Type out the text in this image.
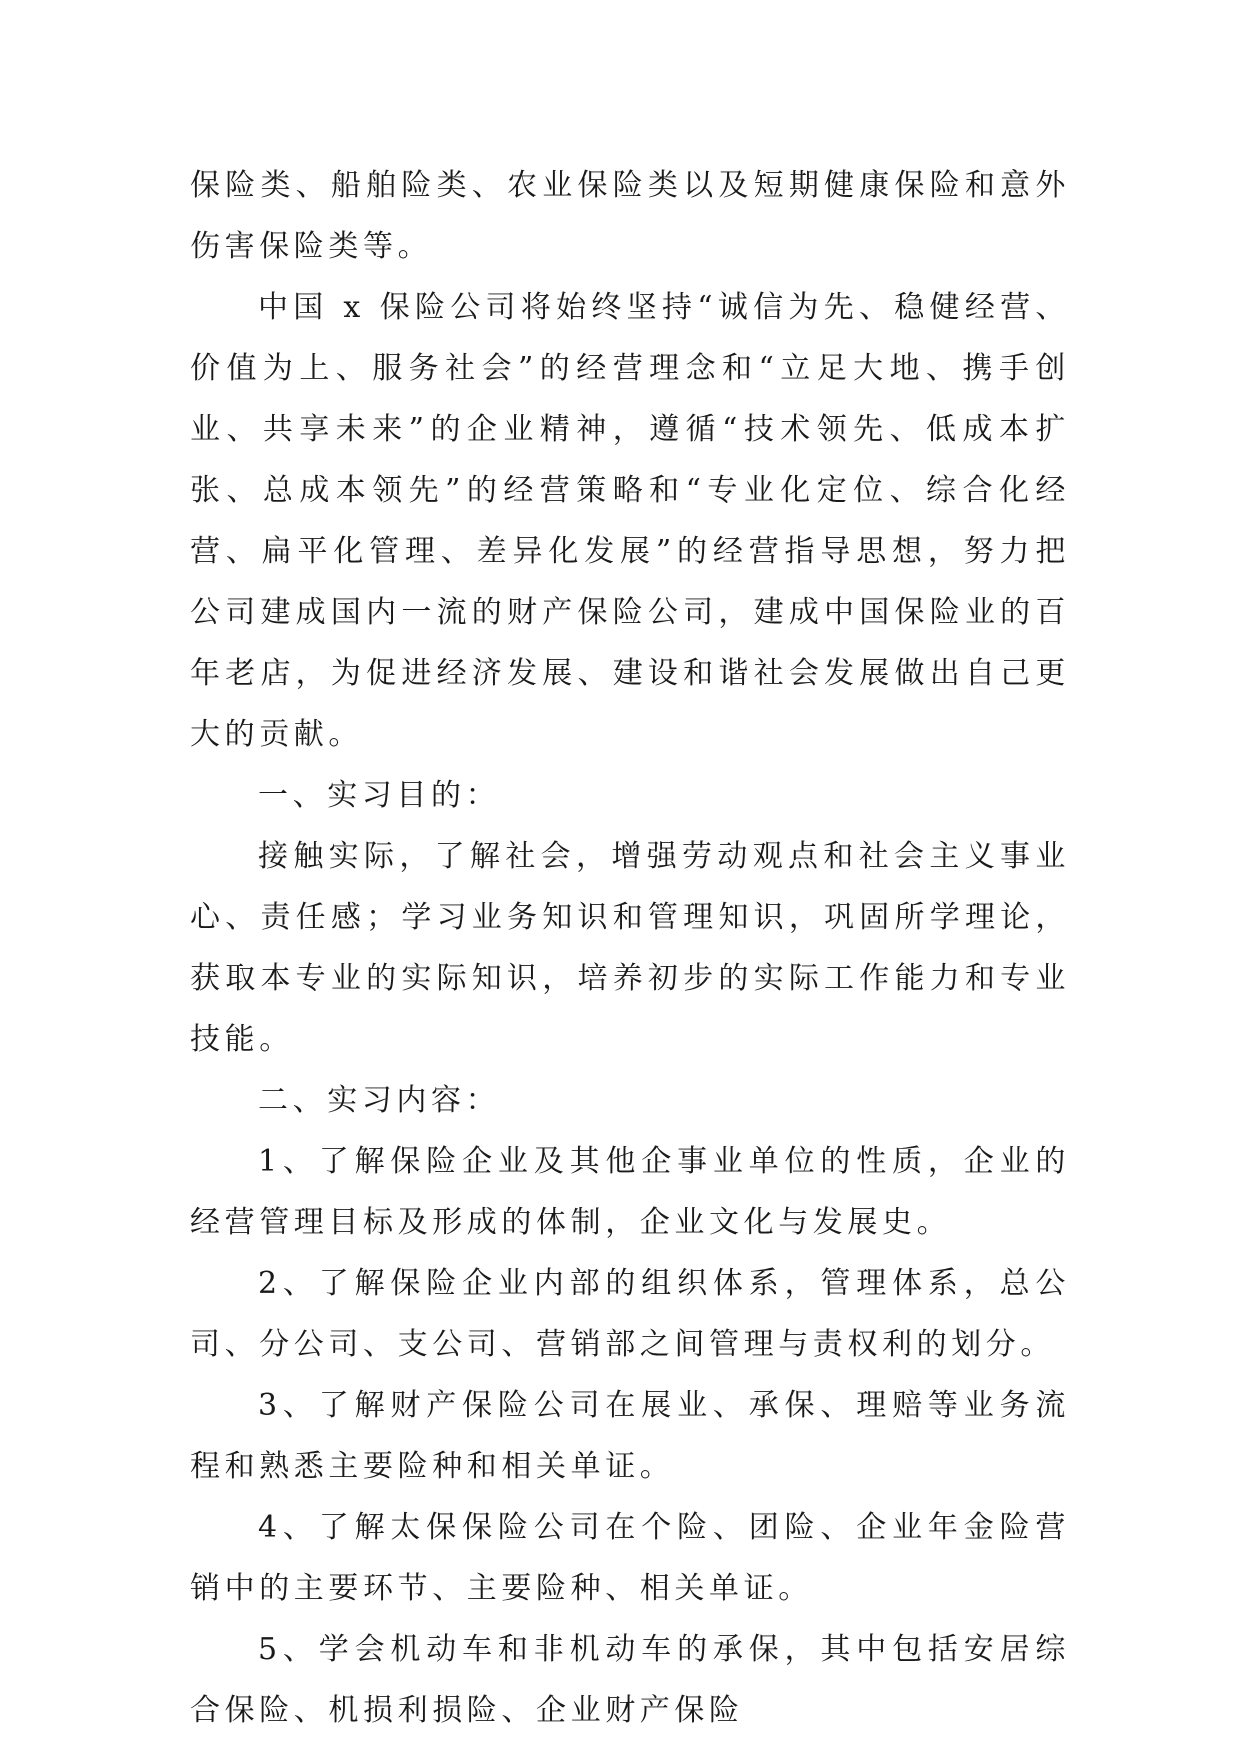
保险类、船舶险类、农业保险类以及短期健康保险和意外伤害保险类等。

中国 x 保险公司将始终坚持“诚信为先、稳健经营、价值为上、服务社会”的经营理念和“立足大地、携手创业、共享未来”的企业精神，遵循“技术领先、低成本扩张、总成本领先”的经营策略和“专业化定位、综合化经营、扁平化管理、差异化发展”的经营指导思想，努力把公司建成国内一流的财产保险公司，建成中国保险业的百年老店，为促进经济发展、建设和谐社会发展做出自己更大的贡献。

一、实习目的：

接触实际，了解社会，增强劳动观点和社会主义事业心、责任感；学习业务知识和管理知识，巩固所学理论，获取本专业的实际知识，培养初步的实际工作能力和专业技能。

二、实习内容：

1、了解保险企业及其他企事业单位的性质，企业的经营管理目标及形成的体制，企业文化与发展史。

2、了解保险企业内部的组织体系，管理体系，总公司、分公司、支公司、营销部之间管理与责权利的划分。

3、了解财产保险公司在展业、承保、理赔等业务流程和熟悉主要险种和相关单证。

4、了解太保保险公司在个险、团险、企业年金险营销中的主要环节、主要险种、相关单证。

5、学会机动车和非机动车的承保，其中包括安居综合保险、机损利损险、企业财产保险
